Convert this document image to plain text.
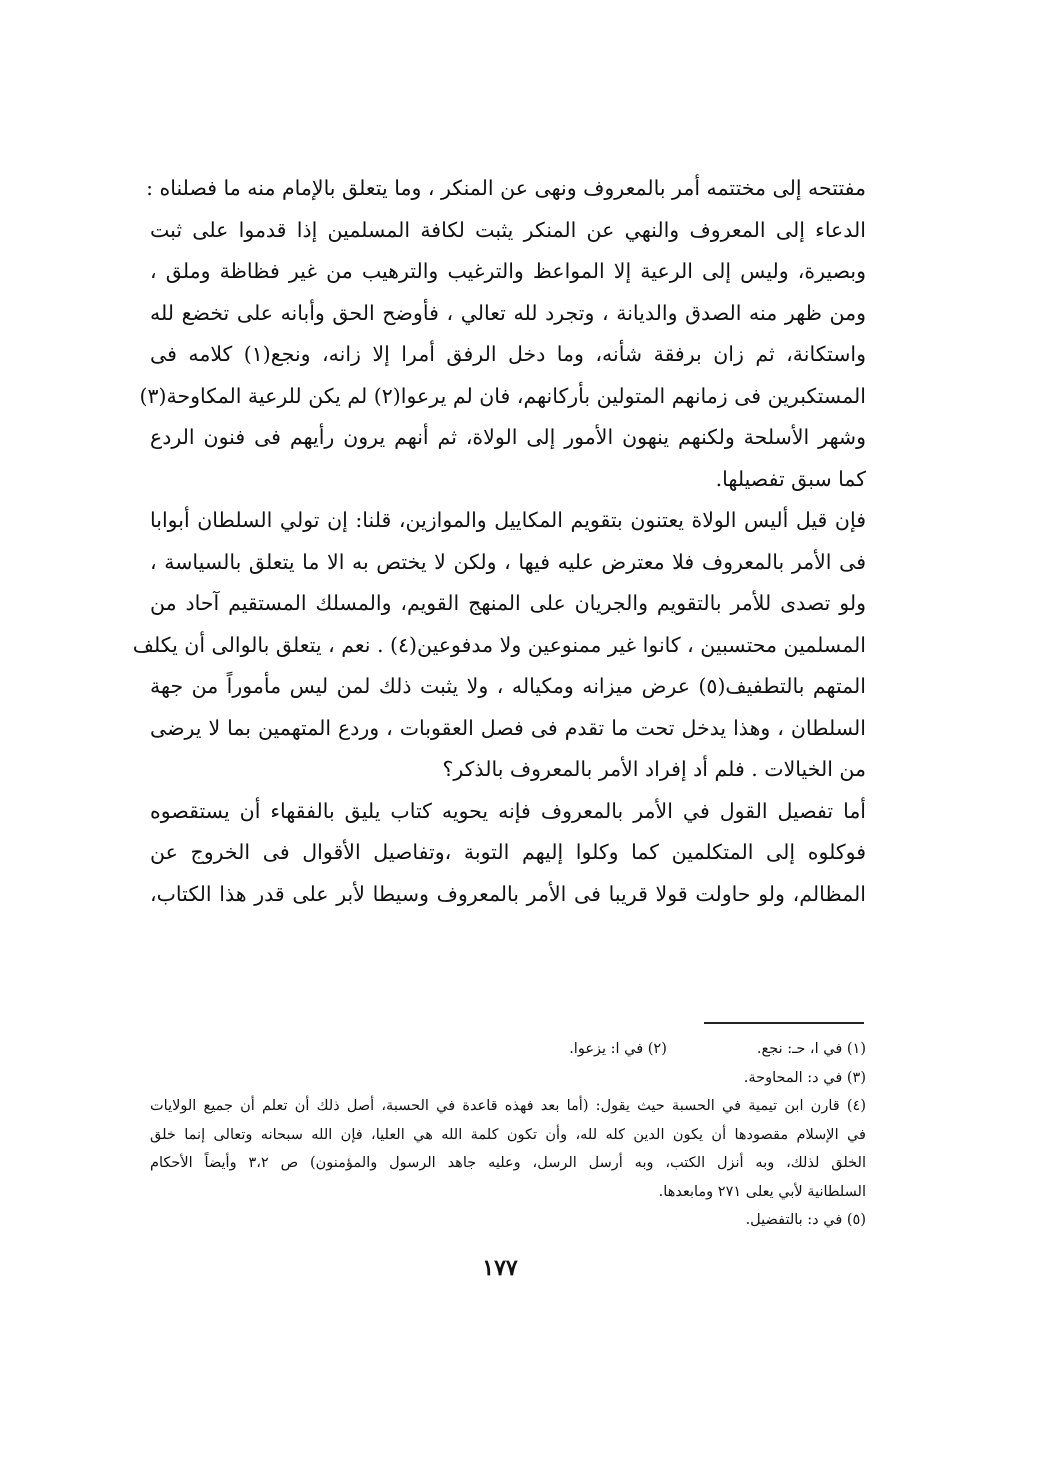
مفتتحه إلى مختتمه أمر بالمعروف ونهى عن المنكر ، وما يتعلق بالإمام منه ما فصلناه :
الدعاء إلى المعروف والنهي عن المنكر يثبت لكافة المسلمين إذا قدموا على ثبت
وبصيرة، وليس إلى الرعية إلا المواعظ والترغيب والترهيب من غير فظاظة وملق ،
ومن ظهر منه الصدق والديانة ، وتجرد لله تعالي ، فأوضح الحق وأبانه على تخضع لله
واستكانة، ثم زان برفقة شأنه، وما دخل الرفق أمرا إلا زانه، ونجع(١) كلامه فى
المستكبرين فى زمانهم المتولين بأركانهم، فان لم يرعوا(٢) لم يكن للرعية المكاوحة(٣)
وشهر الأسلحة ولكنهم ينهون الأمور إلى الولاة، ثم أنهم يرون رأيهم فى فنون الردع
كما سبق تفصيلها.
فإن قيل أليس الولاة يعتنون بتقويم المكاييل والموازين، قلنا: إن تولي السلطان أبوابا
فى الأمر بالمعروف فلا معترض عليه فيها ، ولكن لا يختص به الا ما يتعلق بالسياسة ،
ولو تصدى للأمر بالتقويم والجريان على المنهج القويم، والمسلك المستقيم آحاد من
المسلمين محتسبين ، كانوا غير ممنوعين ولا مدفوعين(٤) . نعم ، يتعلق بالوالى أن يكلف
المتهم بالتطفيف(٥) عرض ميزانه ومكياله ، ولا يثبت ذلك لمن ليس مأموراً من جهة
السلطان ، وهذا يدخل تحت ما تقدم فى فصل العقوبات ، وردع المتهمين بما لا يرضى
من الخيالات . فلم أد إفراد الأمر بالمعروف بالذكر؟
أما تفصيل القول في الأمر بالمعروف فإنه يحويه كتاب يليق بالفقهاء أن يستقصوه
فوكلوه إلى المتكلمين كما وكلوا إليهم التوبة ،وتفاصيل الأقوال فى الخروج عن
المظالم، ولو حاولت قولا قريبا فى الأمر بالمعروف وسيطا لأبر على قدر هذا الكتاب،
(١) في ا، حـ: نجع.
(٢) في ا: يزعوا.
(٣) في د: المحاوحة.
(٤) قارن ابن تيمية في الحسبة حيث يقول: (أما بعد فهذه قاعدة في الحسبة، أصل ذلك أن تعلم أن جميع الولايات
في الإسلام مقصودها أن يكون الدين كله لله، وأن تكون كلمة الله هي العليا، فإن الله سبحانه وتعالى إنما خلق
الخلق لذلك، وبه أنزل الكتب، وبه أرسل الرسل، وعليه جاهد الرسول والمؤمنون) ص ٣،٢ وأيضاً الأحكام
السلطانية لأبي يعلى ٢٧١ ومابعدها.
(٥) في د: بالتفضيل.
١٧٧
